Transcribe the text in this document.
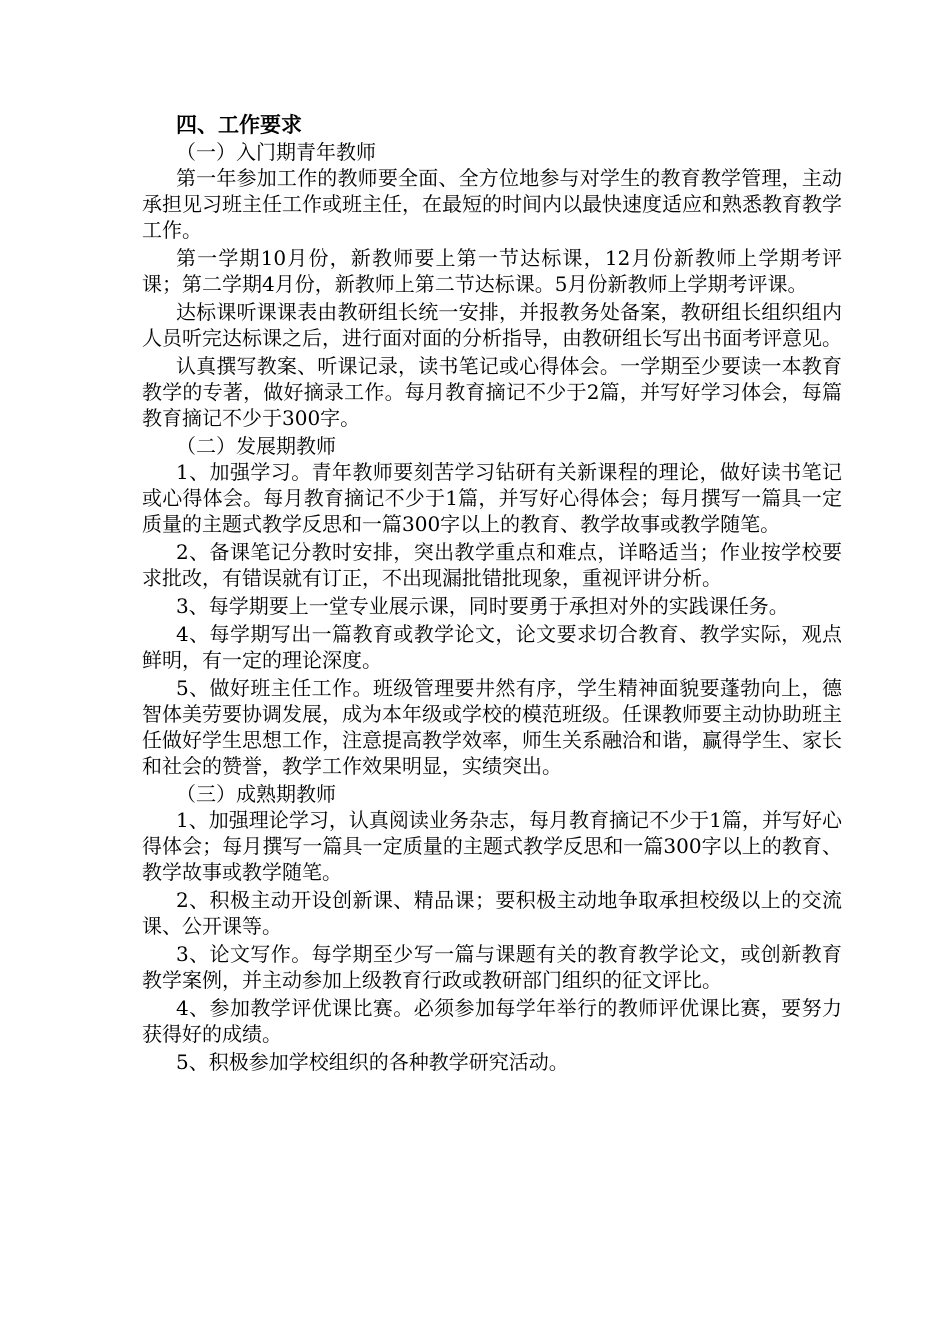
四、工作要求

（一）入门期青年教师

第一年参加工作的教师要全面、全方位地参与对学生的教育教学管理，主动承担见习班主任工作或班主任，在最短的时间内以最快速度适应和熟悉教育教学工作。

第一学期10月份，新教师要上第一节达标课，12月份新教师上学期考评课；第二学期4月份，新教师上第二节达标课。5月份新教师上学期考评课。

达标课听课课表由教研组长统一安排，并报教务处备案，教研组长组织组内人员听完达标课之后，进行面对面的分析指导，由教研组长写出书面考评意见。

认真撰写教案、听课记录，读书笔记或心得体会。一学期至少要读一本教育教学的专著，做好摘录工作。每月教育摘记不少于2篇，并写好学习体会，每篇教育摘记不少于300字。

（二）发展期教师

1、加强学习。青年教师要刻苦学习钻研有关新课程的理论，做好读书笔记或心得体会。每月教育摘记不少于1篇，并写好心得体会；每月撰写一篇具一定质量的主题式教学反思和一篇300字以上的教育、教学故事或教学随笔。

2、备课笔记分教时安排，突出教学重点和难点，详略适当；作业按学校要求批改，有错误就有订正，不出现漏批错批现象，重视评讲分析。

3、每学期要上一堂专业展示课，同时要勇于承担对外的实践课任务。

4、每学期写出一篇教育或教学论文，论文要求切合教育、教学实际，观点鲜明，有一定的理论深度。

5、做好班主任工作。班级管理要井然有序，学生精神面貌要蓬勃向上，德智体美劳要协调发展，成为本年级或学校的模范班级。任课教师要主动协助班主任做好学生思想工作，注意提高教学效率，师生关系融洽和谐，赢得学生、家长和社会的赞誉，教学工作效果明显，实绩突出。

（三）成熟期教师

1、加强理论学习，认真阅读业务杂志，每月教育摘记不少于1篇，并写好心得体会；每月撰写一篇具一定质量的主题式教学反思和一篇300字以上的教育、教学故事或教学随笔。

2、积极主动开设创新课、精品课；要积极主动地争取承担校级以上的交流课、公开课等。

3、论文写作。每学期至少写一篇与课题有关的教育教学论文，或创新教育教学案例，并主动参加上级教育行政或教研部门组织的征文评比。

4、参加教学评优课比赛。必须参加每学年举行的教师评优课比赛，要努力获得好的成绩。

5、积极参加学校组织的各种教学研究活动。
